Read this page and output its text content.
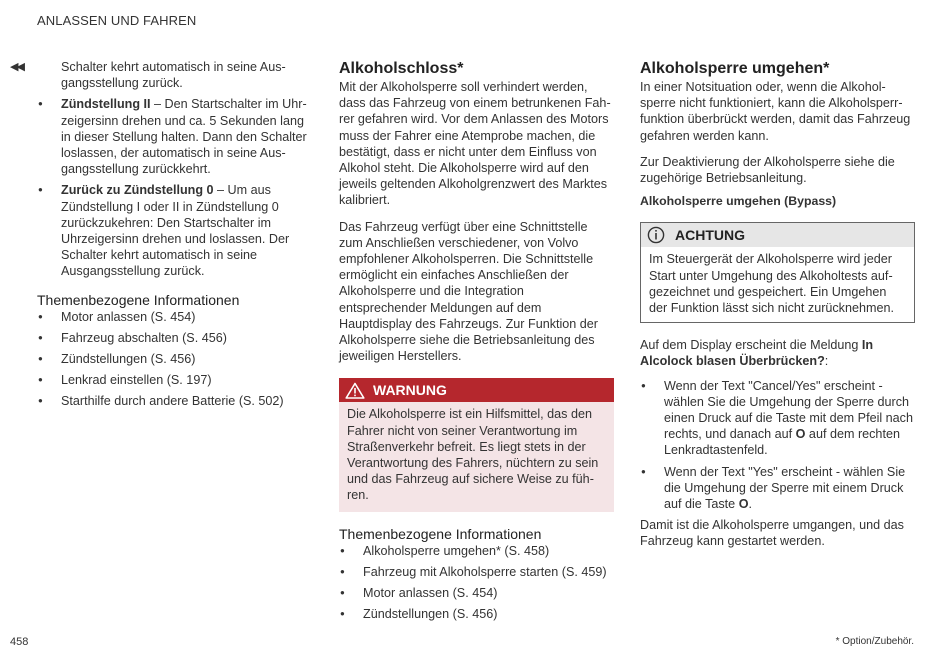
ANLASSEN UND FAHREN
◀◀	Schalter kehrt automatisch in seine Ausgangsstellung zurück.

● Zündstellung II – Den Startschalter im Uhrzeigersinn drehen und ca. 5 Sekunden lang in dieser Stellung halten. Dann den Schalter loslassen, der automatisch in seine Ausgangsstellung zurückkehrt.
● Zurück zu Zündstellung 0 – Um aus Zündstellung I oder II in Zündstellung 0 zurückzukehren: Den Startschalter im Uhrzeigersinn drehen und loslassen. Der Schalter kehrt automatisch in seine Ausgangsstellung zurück.
Themenbezogene Informationen
● Motor anlassen (S. 454)
● Fahrzeug abschalten (S. 456)
● Zündstellungen (S. 456)
● Lenkrad einstellen (S. 197)
● Starthilfe durch andere Batterie (S. 502)
Alkoholschloss*

Mit der Alkoholsperre soll verhindert werden, dass das Fahrzeug von einem betrunkenen Fahrer gefahren wird. Vor dem Anlassen des Motors muss der Fahrer eine Atemprobe machen, die bestätigt, dass er nicht unter dem Einfluss von Alkohol steht. Die Alkoholsperre wird auf den jeweils geltenden Alkoholgrenzwert des Marktes kalibriert.

Das Fahrzeug verfügt über eine Schnittstelle zum Anschließen verschiedener, von Volvo empfohlener Alkoholsperren. Die Schnittstelle ermöglicht ein einfaches Anschließen der Alkoholsperre und die Integration entsprechender Meldungen auf dem Hauptdisplay des Fahrzeugs. Zur Funktion der Alkoholsperre siehe die Betriebsanleitung des jeweiligen Herstellers.

WARNUNG
Die Alkoholsperre ist ein Hilfsmittel, das den Fahrer nicht von seiner Verantwortung im Straßenverkehr befreit. Es liegt stets in der Verantwortung des Fahrers, nüchtern zu sein und das Fahrzeug auf sichere Weise zu führen.
Themenbezogene Informationen
● Alkoholsperre umgehen* (S. 458)
● Fahrzeug mit Alkoholsperre starten (S. 459)
● Motor anlassen (S. 454)
● Zündstellungen (S. 456)
Alkoholsperre umgehen*

In einer Notsituation oder, wenn die Alkoholsperre nicht funktioniert, kann die Alkoholsperrfunktion überbrückt werden, damit das Fahrzeug gefahren werden kann.

Zur Deaktivierung der Alkoholsperre siehe die zugehörige Betriebsanleitung.

Alkoholsperre umgehen (Bypass)

ACHTUNG
Im Steuergerät der Alkoholsperre wird jeder Start unter Umgehung des Alkoholtests aufgezeichnet und gespeichert. Ein Umgehen der Funktion lässt sich nicht zurücknehmen.

Auf dem Display erscheint die Meldung In Alcolock blasen Überbrücken?:

● Wenn der Text "Cancel/Yes" erscheint - wählen Sie die Umgehung der Sperre durch einen Druck auf die Taste mit dem Pfeil nach rechts, und danach auf O auf dem rechten Lenkradtastenfeld.
● Wenn der Text "Yes" erscheint - wählen Sie die Umgehung der Sperre mit einem Druck auf die Taste O.

Damit ist die Alkoholsperre umgangen, und das Fahrzeug kann gestartet werden.

458	* Option/Zubehör.
